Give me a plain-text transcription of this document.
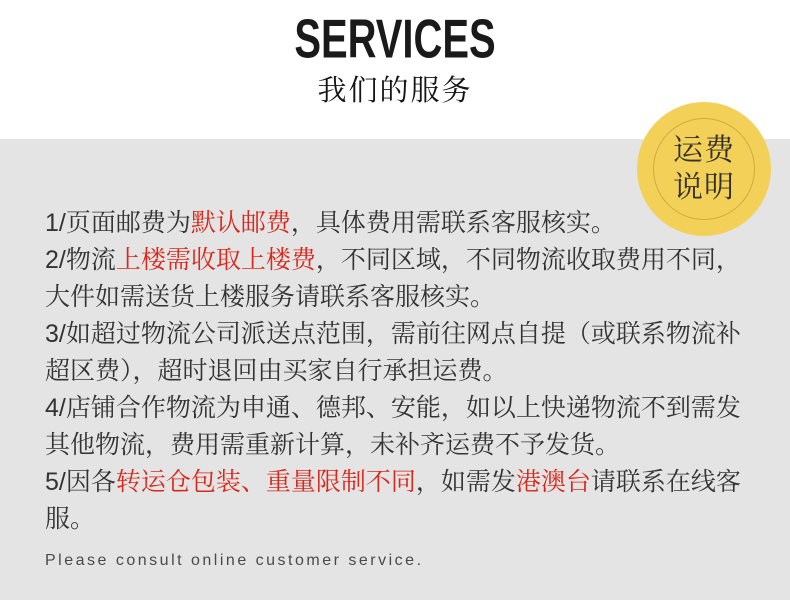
SERVICES
我们的服务
运费
说明

1/页面邮费为默认邮费，具体费用需联系客服核实。

2/物流上楼需收取上楼费，不同区域，不同物流收取费用不同，大件如需送货上楼服务请联系客服核实。

3/如超过物流公司派送点范围，需前往网点自提（或联系物流补超区费），超时退回由买家自行承担运费。

4/店铺合作物流为申通、德邦、安能，如以上快递物流不到需发其他物流，费用需重新计算，未补齐运费不予发货。

5/因各转运仓包装、重量限制不同，如需发港澳台请联系在线客服。

Please consult online customer service.
